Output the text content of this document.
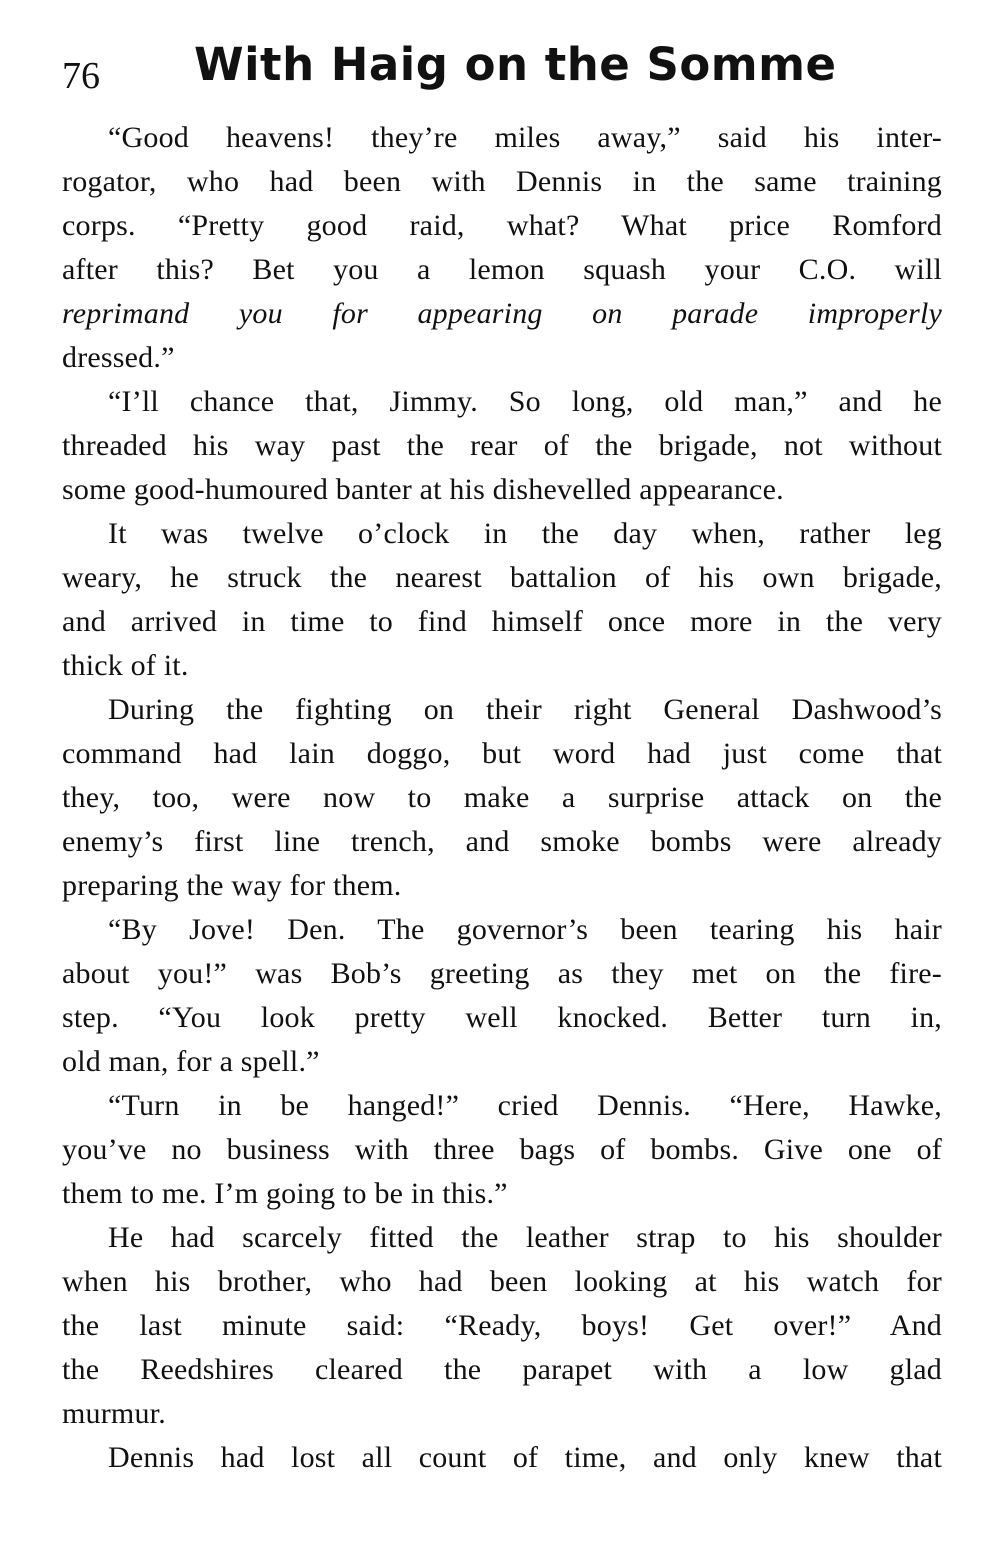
76 With Haig on the Somme
“Good heavens! they’re miles away,” said his inter-
rogator, who had been with Dennis in the same training
corps. “Pretty good raid, what? What price Romford
after this? Bet you a lemon squash your C.O. will
reprimand you for appearing on parade improperly
dressed.”
“I’ll chance that, Jimmy. So long, old man,” and he
threaded his way past the rear of the brigade, not without
some good-humoured banter at his dishevelled appearance.
It was twelve o’clock in the day when, rather leg
weary, he struck the nearest battalion of his own brigade,
and arrived in time to find himself once more in the very
thick of it.
During the fighting on their right General Dashwood’s
command had lain doggo, but word had just come that
they, too, were now to make a surprise attack on the
enemy’s first line trench, and smoke bombs were already
preparing the way for them.
“By Jove! Den. The governor’s been tearing his hair
about you!” was Bob’s greeting as they met on the fire-
step. “You look pretty well knocked. Better turn in,
old man, for a spell.”
“Turn in be hanged!” cried Dennis. “Here, Hawke,
you’ve no business with three bags of bombs. Give one of
them to me. I’m going to be in this.”
He had scarcely fitted the leather strap to his shoulder
when his brother, who had been looking at his watch for
the last minute said: “Ready, boys! Get over!” And
the Reedshires cleared the parapet with a low glad
murmur.
Dennis had lost all count of time, and only knew that
